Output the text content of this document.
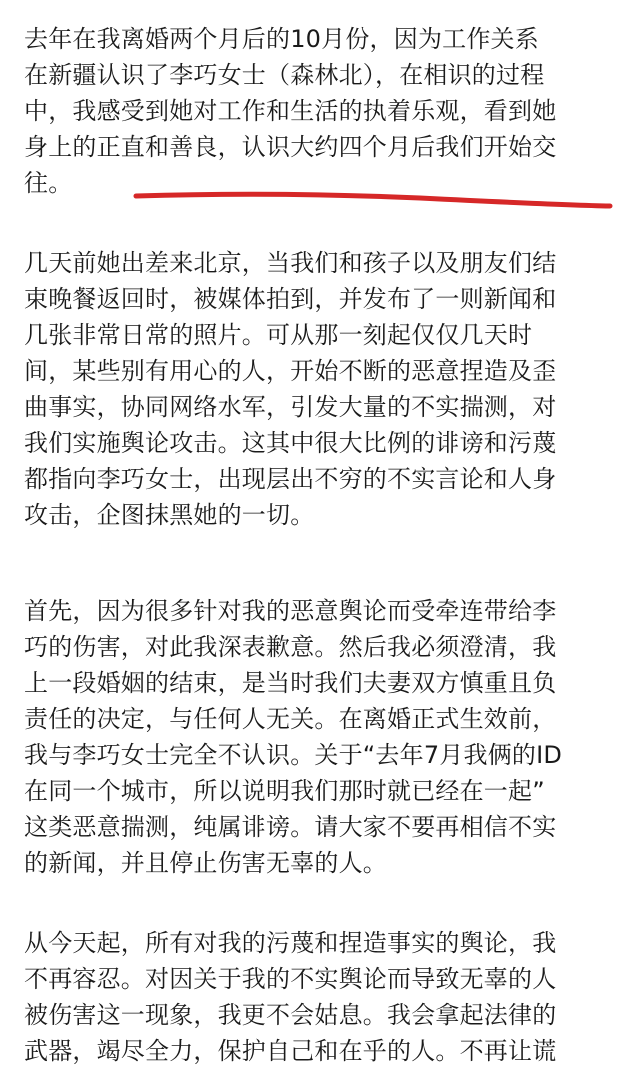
去年在我离婚两个月后的10月份，因为工作关系
在新疆认识了李巧女士（森林北），在相识的过程
中，我感受到她对工作和生活的执着乐观，看到她
身上的正直和善良，认识大约四个月后我们开始交
往。
几天前她出差来北京，当我们和孩子以及朋友们结
束晚餐返回时，被媒体拍到，并发布了一则新闻和
几张非常日常的照片。可从那一刻起仅仅几天时
间，某些别有用心的人，开始不断的恶意捏造及歪
曲事实，协同网络水军，引发大量的不实揣测，对
我们实施舆论攻击。这其中很大比例的诽谤和污蔑
都指向李巧女士，出现层出不穷的不实言论和人身
攻击，企图抹黑她的一切。
首先，因为很多针对我的恶意舆论而受牵连带给李
巧的伤害，对此我深表歉意。然后我必须澄清，我
上一段婚姻的结束，是当时我们夫妻双方慎重且负
责任的决定，与任何人无关。在离婚正式生效前，
我与李巧女士完全不认识。关于“去年7月我俩的ID
在同一个城市，所以说明我们那时就已经在一起”
这类恶意揣测，纯属诽谤。请大家不要再相信不实
的新闻，并且停止伤害无辜的人。
从今天起，所有对我的污蔑和捏造事实的舆论，我
不再容忍。对因关于我的不实舆论而导致无辜的人
被伤害这一现象，我更不会姑息。我会拿起法律的
武器，竭尽全力，保护自己和在乎的人。不再让谎
